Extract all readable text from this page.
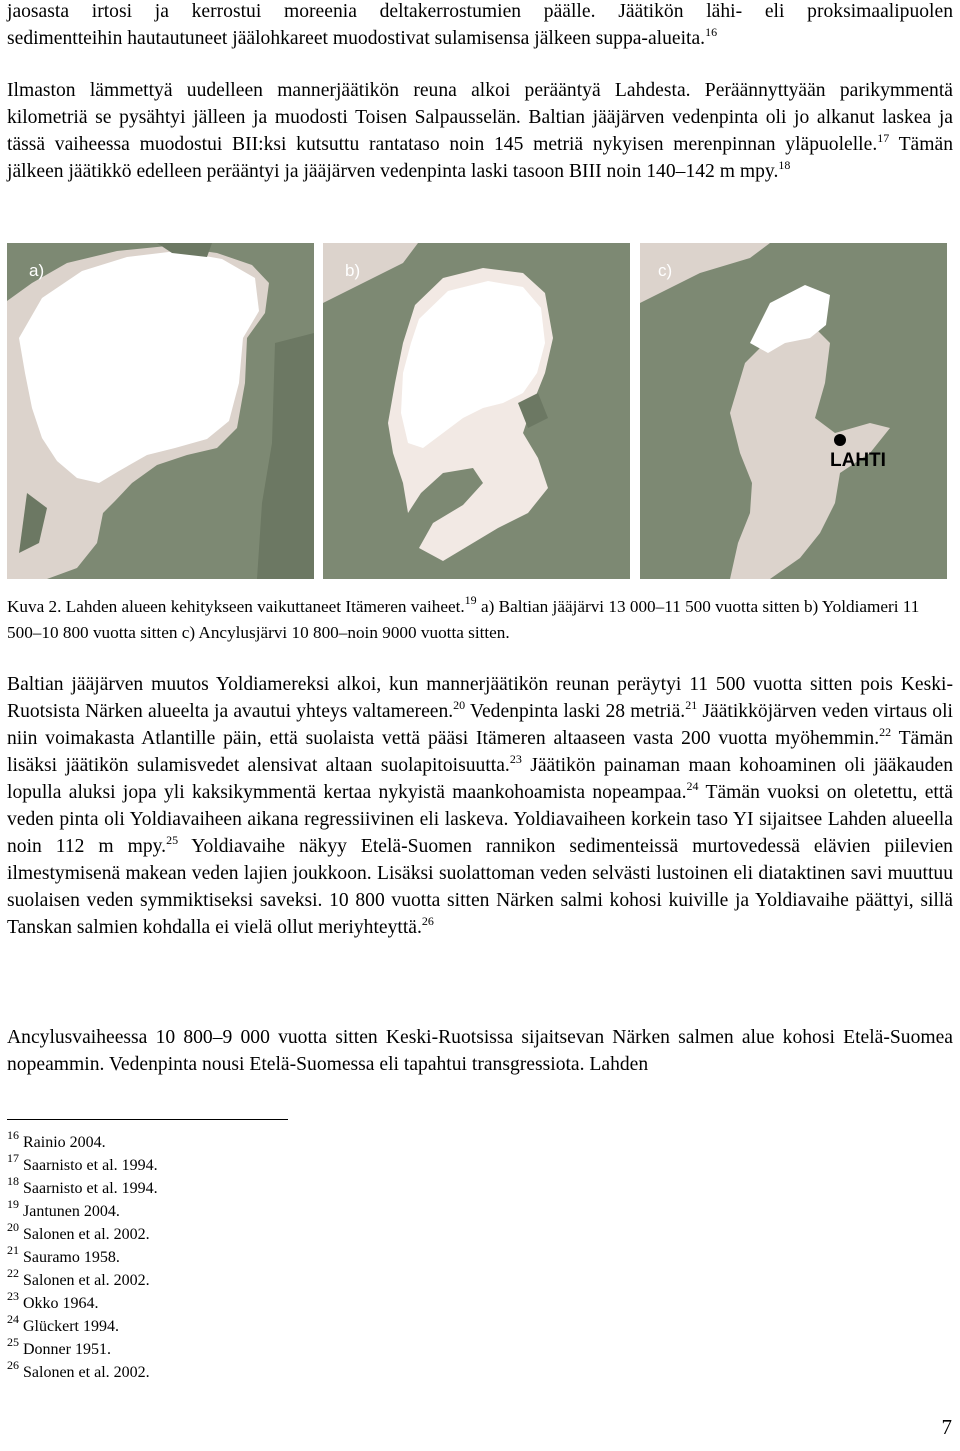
jaosasta irtosi ja kerrostui moreenia deltakerrostumien päälle. Jäätikön lähi- eli proksimaalipuolen
sedimentteihin hautautuneet jäälohkareet muodostivat sulamisensa jälkeen suppa-alueita.$^{16}$

Ilmaston lämmettyä uudelleen mannerjäätikön reuna alkoi perääntyä Lahdesta. Peräännyttyään parikymmentä kilometriä se pysähtyi jälleen ja muodosti Toisen Salpausselän. Baltian jääjärven vedenpinta oli jo alkanut laskea ja tässä vaiheessa muodostui BII:ksi kutsuttu rantataso noin 145 metriä nykyisen merenpinnan yläpuolelle.$^{17}$ Tämän jälkeen jäätikkö edelleen perääntyi ja jääjärven vedenpinta laski tasoon BIII noin 140–142 m mpy.$^{18}$

a)	b)	c)
LAHTI

Kuva 2. Lahden alueen kehitykseen vaikuttaneet Itämeren vaiheet.$^{19}$ a) Baltian jääjärvi 13 000–11 500 vuotta sitten b) Yoldiameri 11 500–10 800 vuotta sitten c) Ancylusjärvi 10 800–noin 9000 vuotta sitten.

Baltian jääjärven muutos Yoldiamereksi alkoi, kun mannerjäätikön reunan peräytyi 11 500 vuotta sitten pois Keski-Ruotsista Närken alueelta ja avautui yhteys valtamereen.$^{20}$ Vedenpinta laski 28 metriä.$^{21}$ Jäätikköjärven veden virtaus oli niin voimakasta Atlantille päin, että suolaista vettä pääsi Itämeren altaaseen vasta 200 vuotta myöhemmin.$^{22}$ Tämän lisäksi jäätikön sulamisvedet alensivat altaan suolapitoisuutta.$^{23}$ Jäätikön painaman maan kohoaminen oli jääkauden lopulla aluksi jopa yli kaksikymmentä kertaa nykyistä maankohoamista nopeampaa.$^{24}$ Tämän vuoksi on oletettu, että veden pinta oli Yoldiavaiheen aikana regressiivinen eli laskeva. Yoldiavaiheen korkein taso YI sijaitsee Lahden alueella noin 112 m mpy.$^{25}$ Yoldiavaihe näkyy Etelä-Suomen rannikon sedimenteissä murtovedessä elävien piilevien ilmestymisenä makean veden lajien joukkoon. Lisäksi suolattoman veden selvästi lustoinen eli diataktinen savi muuttuu suolaisen veden symmiktiseksi saveksi. 10 800 vuotta sitten Närken salmi kohosi kuiville ja Yoldiavaihe päättyi, sillä Tanskan salmien kohdalla ei vielä ollut meriyhteyttä.$^{26}$

Ancylusvaiheessa 10 800–9 000 vuotta sitten Keski-Ruotsissa sijaitsevan Närken salmen alue kohosi Etelä-Suomea nopeammin. Vedenpinta nousi Etelä-Suomessa eli tapahtui transgressiota. Lahden

$^{16}$ Rainio 2004.
$^{17}$ Saarnisto et al. 1994.
$^{18}$ Saarnisto et al. 1994.
$^{19}$ Jantunen 2004.
$^{20}$ Salonen et al. 2002.
$^{21}$ Sauramo 1958.
$^{22}$ Salonen et al. 2002.
$^{23}$ Okko 1964.
$^{24}$ Glückert 1994.
$^{25}$ Donner 1951.
$^{26}$ Salonen et al. 2002.
7
